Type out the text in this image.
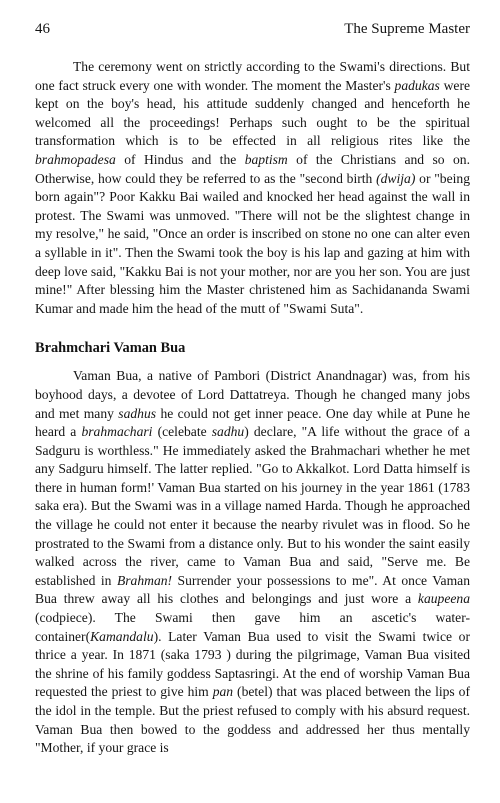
46	The Supreme Master

The ceremony went on strictly according to the Swami's directions. But one fact struck every one with wonder. The moment the Master's padukas were kept on the boy's head, his attitude suddenly changed and henceforth he welcomed all the proceedings! Perhaps such ought to be the spiritual transformation which is to be effected in all religious rites like the brahmopadesa of Hindus and the baptism of the Christians and so on. Otherwise, how could they be referred to as the "second birth (dwija) or "being born again"? Poor Kakku Bai wailed and knocked her head against the wall in protest. The Swami was unmoved. "There will not be the slightest change in my resolve," he said, "Once an order is inscribed on stone no one can alter even a syllable in it". Then the Swami took the boy is his lap and gazing at him with deep love said, "Kakku Bai is not your mother, nor are you her son. You are just mine!" After blessing him the Master christened him as Sachidananda Swami Kumar and made him the head of the mutt of "Swami Suta".

Brahmchari Vaman Bua

Vaman Bua, a native of Pambori (District Anandnagar) was, from his boyhood days, a devotee of Lord Dattatreya. Though he changed many jobs and met many sadhus he could not get inner peace. One day while at Pune he heard a brahmachari (celebate sadhu) declare, "A life without the grace of a Sadguru is worthless." He immediately asked the Brahmachari whether he met any Sadguru himself. The latter replied. "Go to Akkalkot. Lord Datta himself is there in human form!' Vaman Bua started on his journey in the year 1861 (1783 saka era). But the Swami was in a village named Harda. Though he approached the village he could not enter it because the nearby rivulet was in flood. So he prostrated to the Swami from a distance only. But to his wonder the saint easily walked across the river, came to Vaman Bua and said, "Serve me. Be established in Brahman! Surrender your possessions to me". At once Vaman Bua threw away all his clothes and belongings and just wore a kaupeena (codpiece). The Swami then gave him an ascetic's water-container(Kamandalu). Later Vaman Bua used to visit the Swami twice or thrice a year. In 1871 (saka 1793 ) during the pilgrimage, Vaman Bua visited the shrine of his family goddess Saptasringi. At the end of worship Vaman Bua requested the priest to give him pan (betel) that was placed between the lips of the idol in the temple. But the priest refused to comply with his absurd request. Vaman Bua then bowed to the goddess and addressed her thus mentally "Mother, if your grace is
